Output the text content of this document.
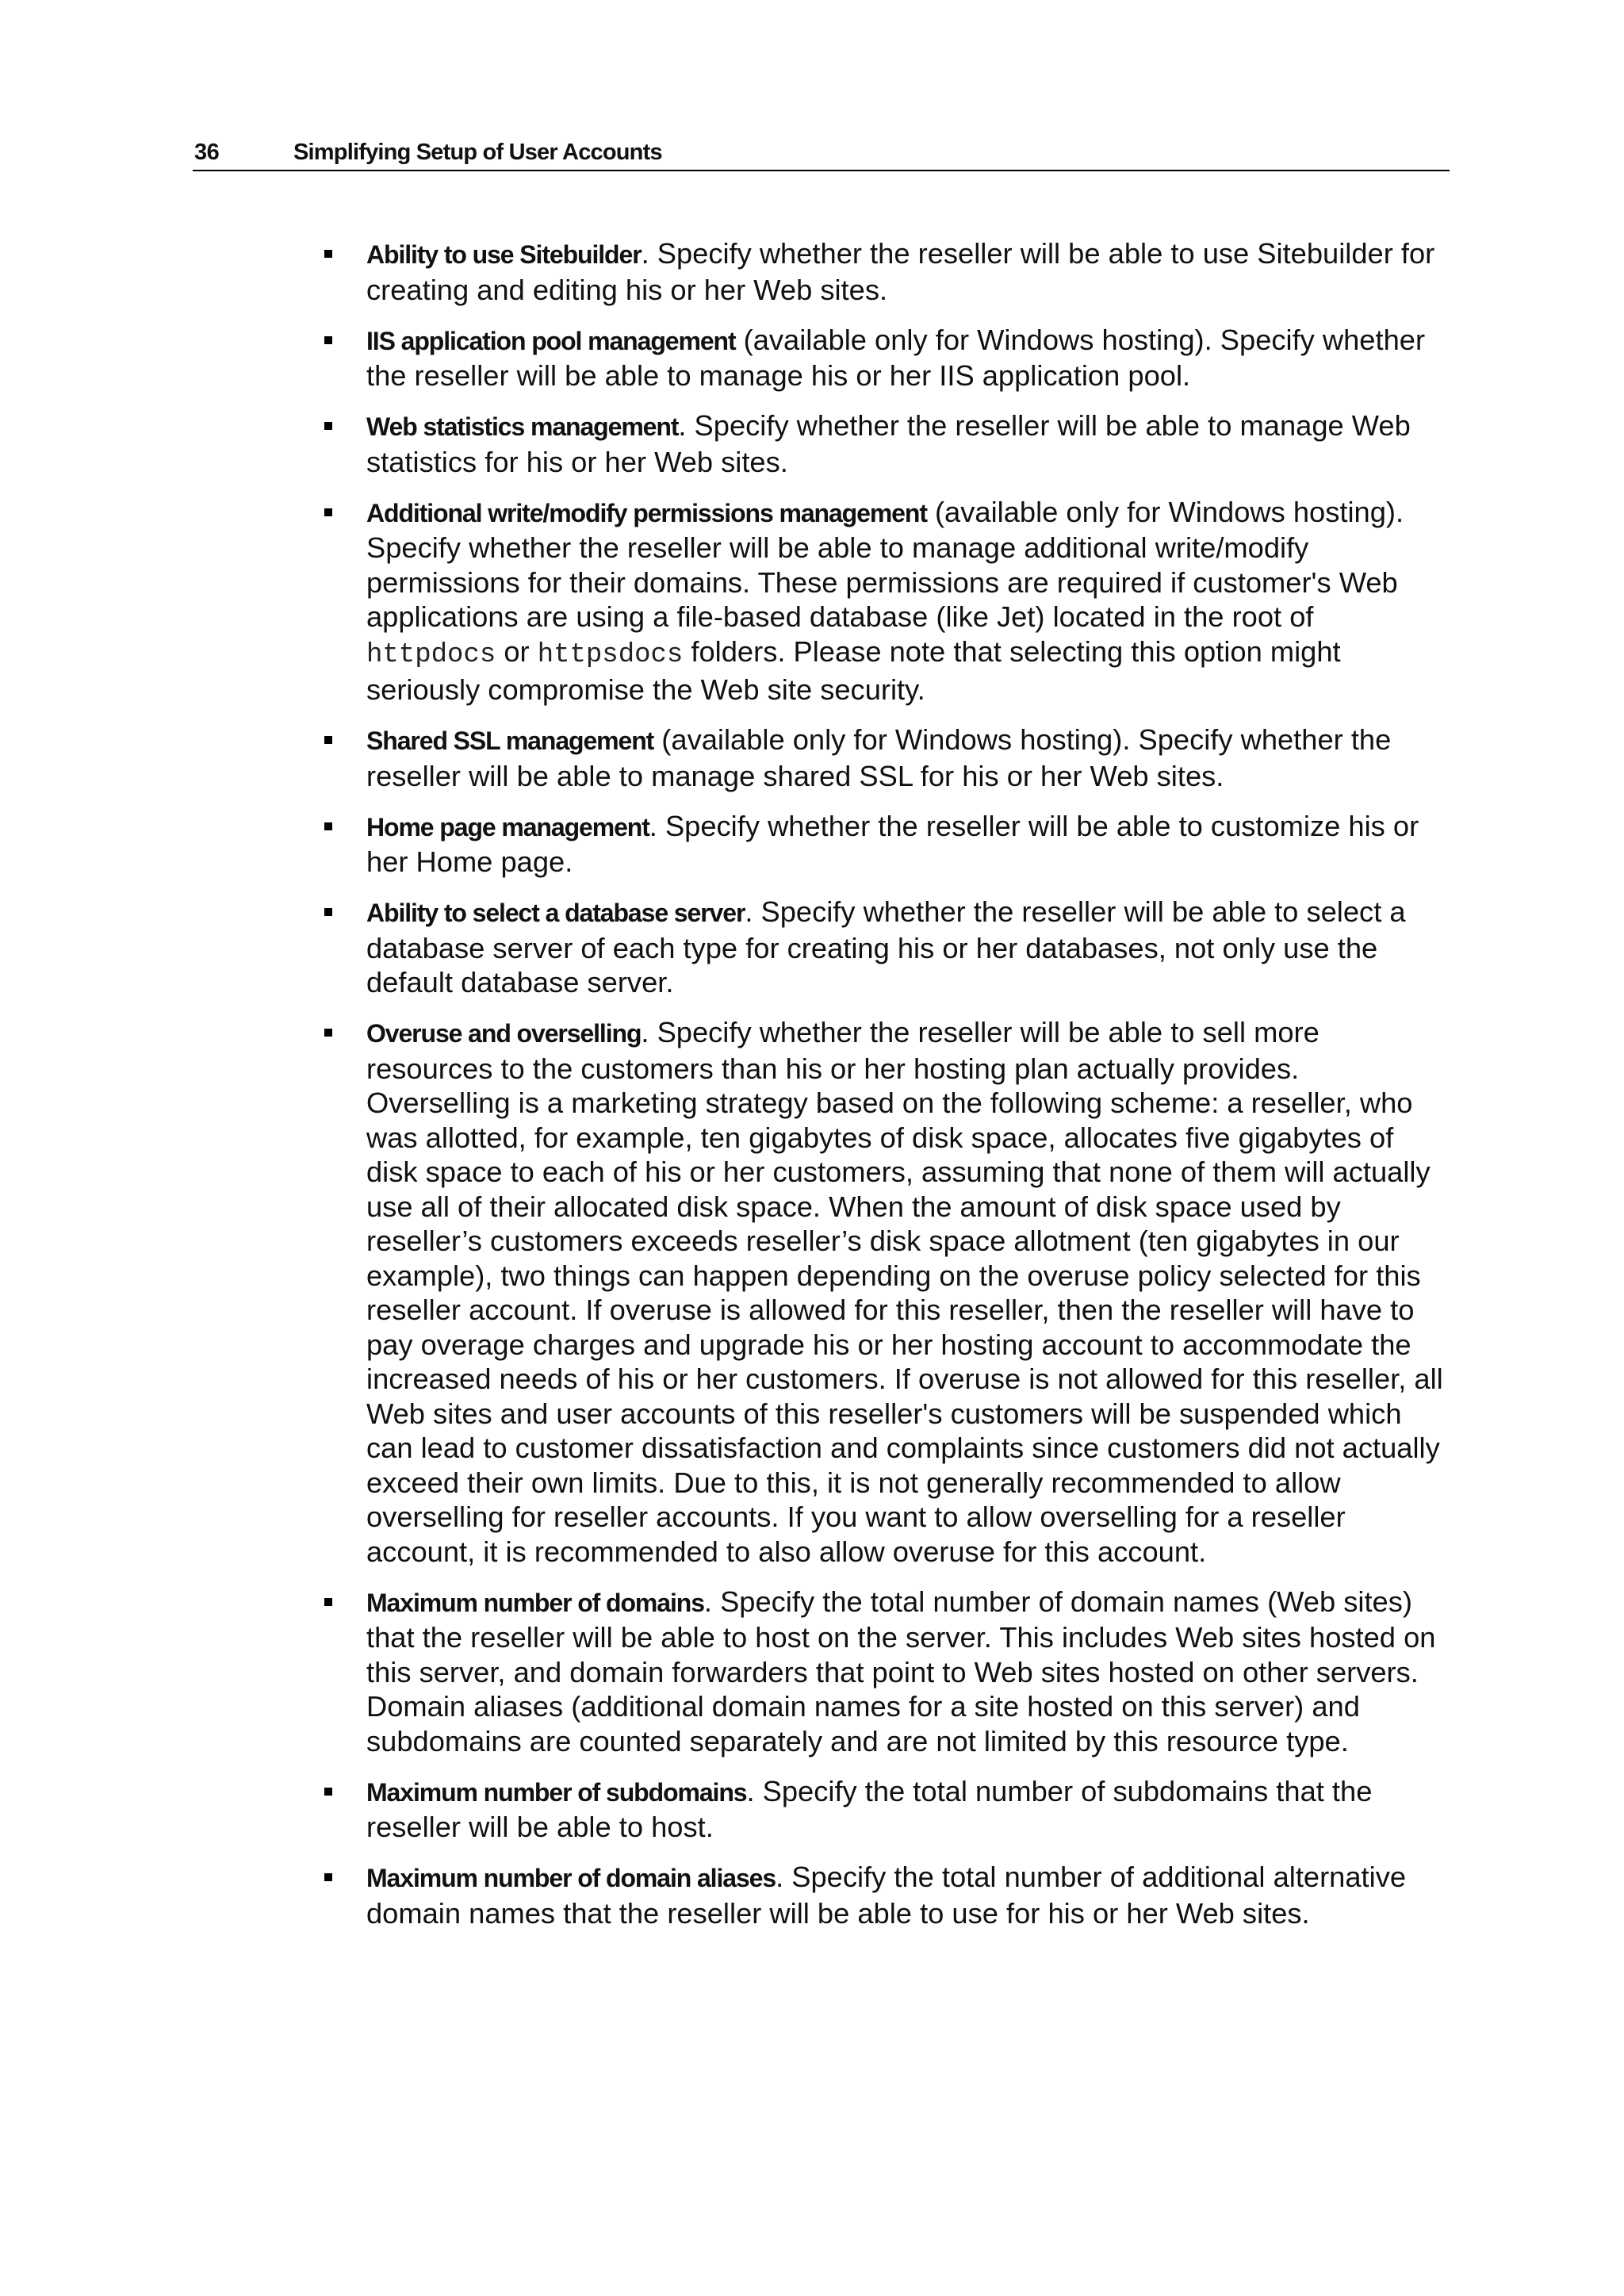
36	Simplifying Setup of User Accounts
Ability to use Sitebuilder. Specify whether the reseller will be able to use Sitebuilder for creating and editing his or her Web sites.
IIS application pool management (available only for Windows hosting). Specify whether the reseller will be able to manage his or her IIS application pool.
Web statistics management. Specify whether the reseller will be able to manage Web statistics for his or her Web sites.
Additional write/modify permissions management (available only for Windows hosting). Specify whether the reseller will be able to manage additional write/modify permissions for their domains. These permissions are required if customer's Web applications are using a file-based database (like Jet) located in the root of httpdocs or httpsdocs folders. Please note that selecting this option might seriously compromise the Web site security.
Shared SSL management (available only for Windows hosting). Specify whether the reseller will be able to manage shared SSL for his or her Web sites.
Home page management. Specify whether the reseller will be able to customize his or her Home page.
Ability to select a database server. Specify whether the reseller will be able to select a database server of each type for creating his or her databases, not only use the default database server.
Overuse and overselling. Specify whether the reseller will be able to sell more resources to the customers than his or her hosting plan actually provides. Overselling is a marketing strategy based on the following scheme: a reseller, who was allotted, for example, ten gigabytes of disk space, allocates five gigabytes of disk space to each of his or her customers, assuming that none of them will actually use all of their allocated disk space. When the amount of disk space used by reseller’s customers exceeds reseller’s disk space allotment (ten gigabytes in our example), two things can happen depending on the overuse policy selected for this reseller account. If overuse is allowed for this reseller, then the reseller will have to pay overage charges and upgrade his or her hosting account to accommodate the increased needs of his or her customers. If overuse is not allowed for this reseller, all Web sites and user accounts of this reseller's customers will be suspended which can lead to customer dissatisfaction and complaints since customers did not actually exceed their own limits. Due to this, it is not generally recommended to allow overselling for reseller accounts. If you want to allow overselling for a reseller account, it is recommended to also allow overuse for this account.
Maximum number of domains. Specify the total number of domain names (Web sites) that the reseller will be able to host on the server. This includes Web sites hosted on this server, and domain forwarders that point to Web sites hosted on other servers. Domain aliases (additional domain names for a site hosted on this server) and subdomains are counted separately and are not limited by this resource type.
Maximum number of subdomains. Specify the total number of subdomains that the reseller will be able to host.
Maximum number of domain aliases. Specify the total number of additional alternative domain names that the reseller will be able to use for his or her Web sites.
